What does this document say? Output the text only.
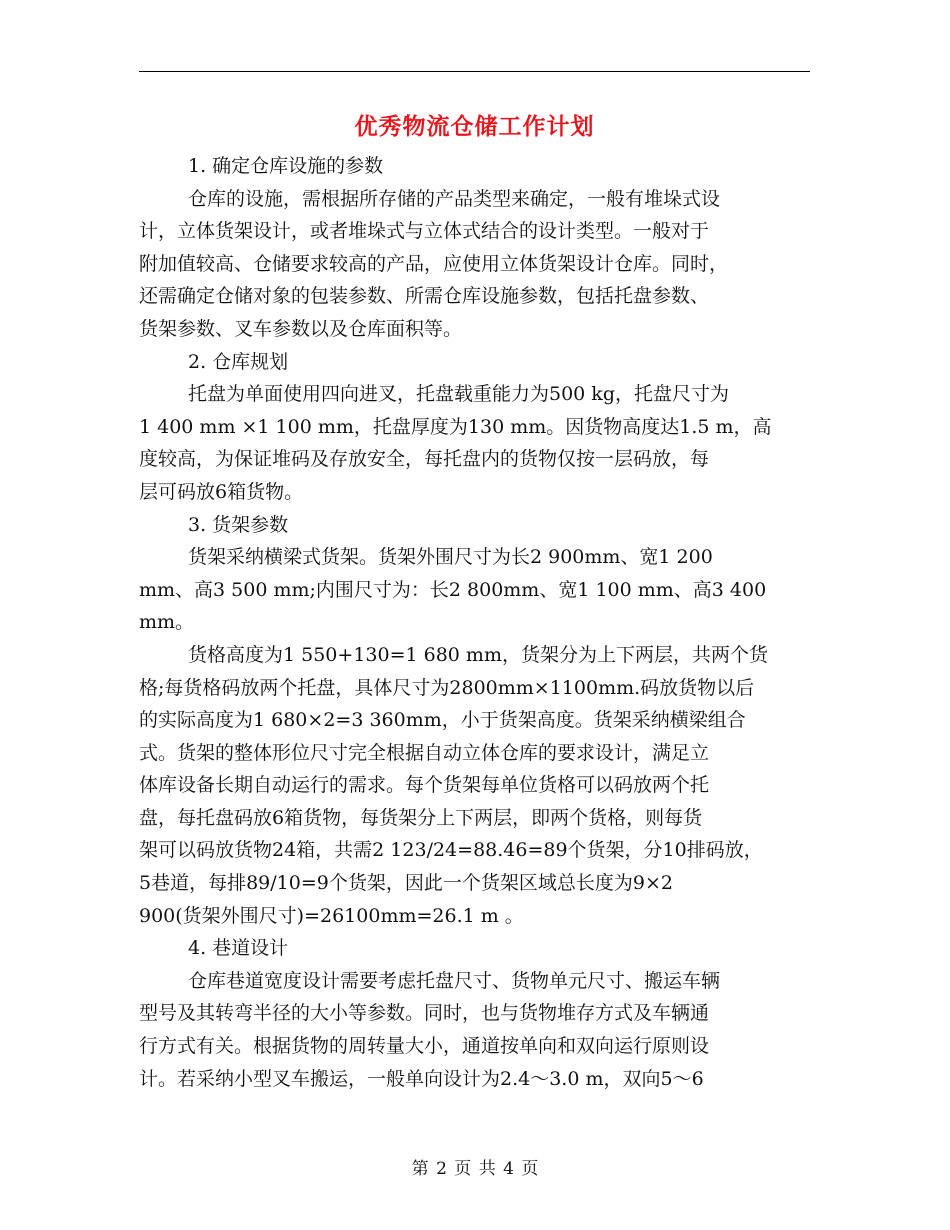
优秀物流仓储工作计划
1. 确定仓库设施的参数
仓库的设施，需根据所存储的产品类型来确定，一般有堆垛式设
计，立体货架设计，或者堆垛式与立体式结合的设计类型。一般对于
附加值较高、仓储要求较高的产品，应使用立体货架设计仓库。同时，
还需确定仓储对象的包装参数、所需仓库设施参数，包括托盘参数、
货架参数、叉车参数以及仓库面积等。
2. 仓库规划
托盘为单面使用四向进叉，托盘载重能力为500 kg，托盘尺寸为
1 400 mm ×1 100 mm，托盘厚度为130 mm。因货物高度达1.5 m，高
度较高，为保证堆码及存放安全，每托盘内的货物仅按一层码放，每
层可码放6箱货物。
3. 货架参数
货架采纳横梁式货架。货架外围尺寸为长2 900mm、宽1 200
mm、高3 500 mm;内围尺寸为：长2 800mm、宽1 100 mm、高3 400
mm。
货格高度为1 550+130=1 680 mm，货架分为上下两层，共两个货
格;每货格码放两个托盘，具体尺寸为2800mm×1100mm.码放货物以后
的实际高度为1 680×2=3 360mm，小于货架高度。货架采纳横梁组合
式。货架的整体形位尺寸完全根据自动立体仓库的要求设计，满足立
体库设备长期自动运行的需求。每个货架每单位货格可以码放两个托
盘，每托盘码放6箱货物，每货架分上下两层，即两个货格，则每货
架可以码放货物24箱，共需2 123/24=88.46=89个货架，分10排码放，
5巷道，每排89/10=9个货架，因此一个货架区域总长度为9×2
900(货架外围尺寸)=26100mm=26.1 m 。
4. 巷道设计
仓库巷道宽度设计需要考虑托盘尺寸、货物单元尺寸、搬运车辆
型号及其转弯半径的大小等参数。同时，也与货物堆存方式及车辆通
行方式有关。根据货物的周转量大小，通道按单向和双向运行原则设
计。若采纳小型叉车搬运，一般单向设计为2.4～3.0 m，双向5～6
第 2 页 共 4 页
